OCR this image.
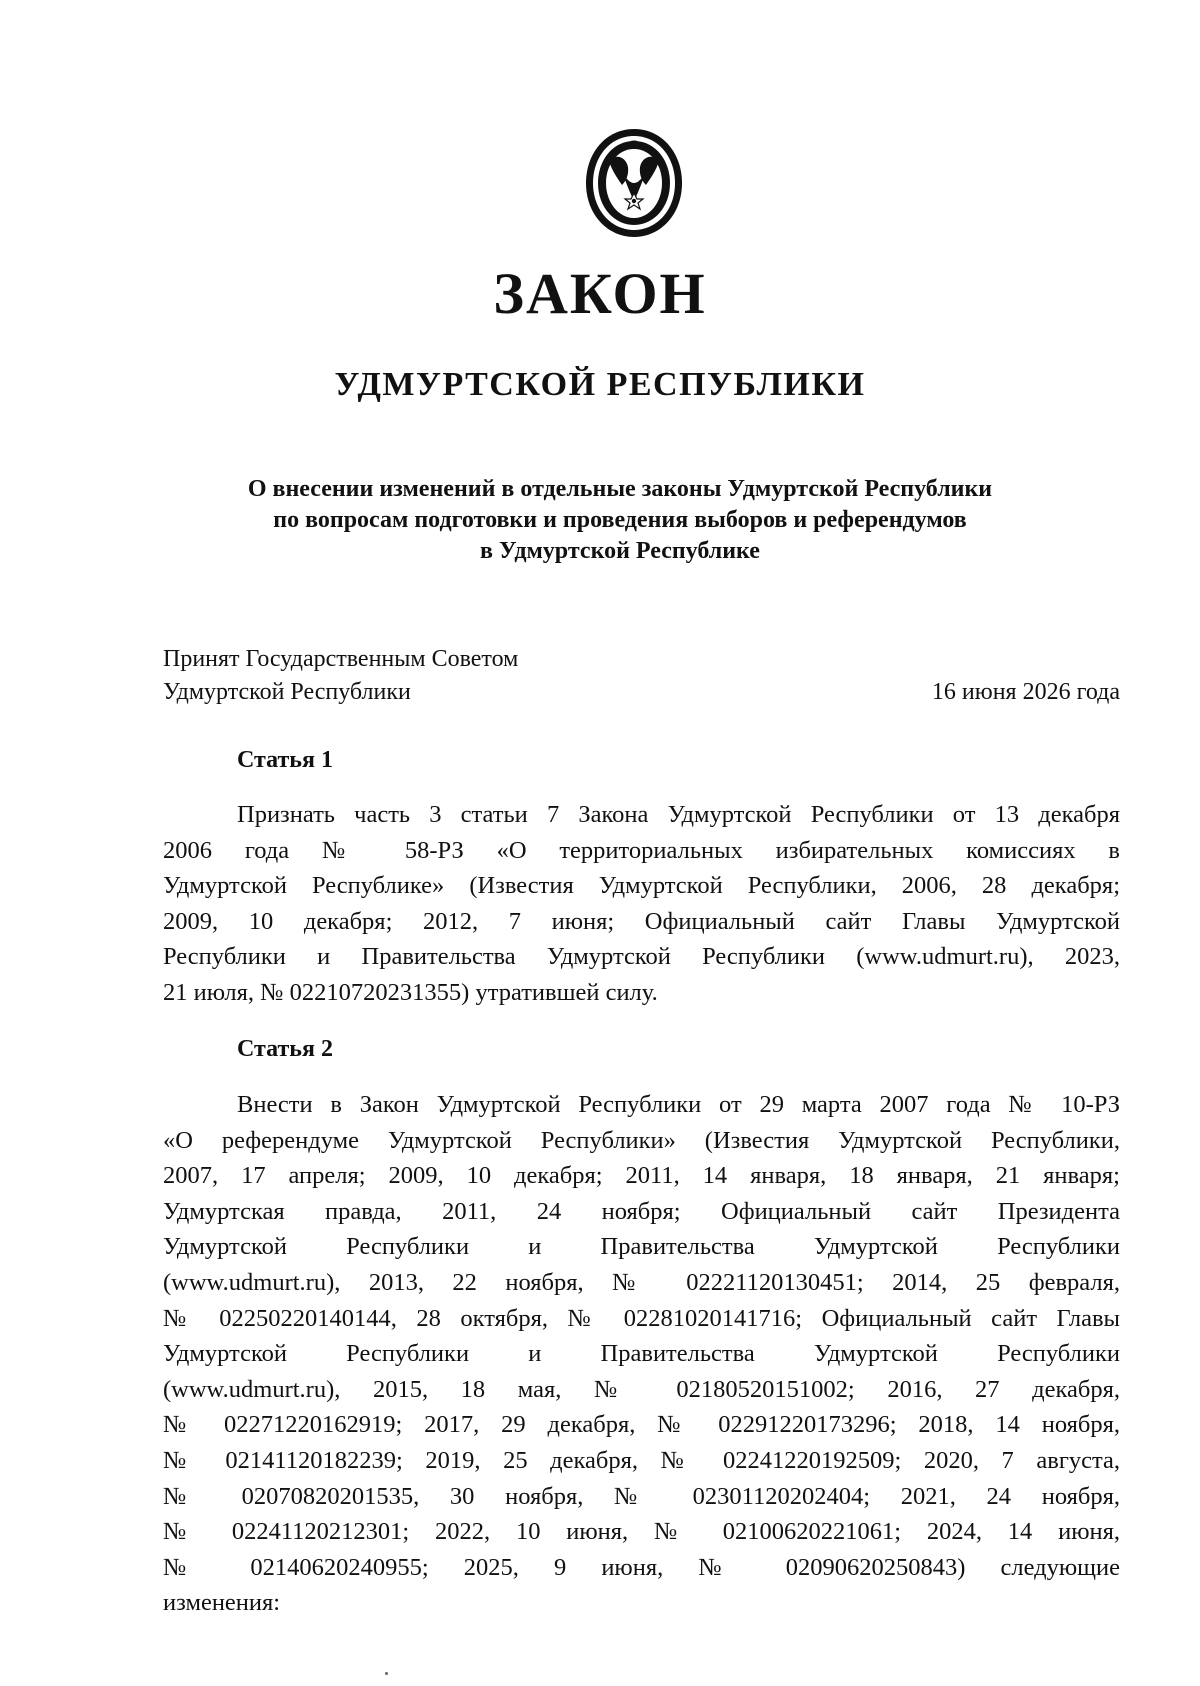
ЗАКОН
УДМУРТСКОЙ РЕСПУБЛИКИ
О внесении изменений в отдельные законы Удмуртской Республики
по вопросам подготовки и проведения выборов и референдумов
в Удмуртской Республике
Принят Государственным Советом
Удмуртской Республики	16 июня 2026 года
Статья 1
Признать часть 3 статьи 7 Закона Удмуртской Республики от 13 декабря
2006 года № 58-РЗ «О территориальных избирательных комиссиях в
Удмуртской Республике» (Известия Удмуртской Республики, 2006, 28 декабря;
2009, 10 декабря; 2012, 7 июня; Официальный сайт Главы Удмуртской
Республики и Правительства Удмуртской Республики (www.udmurt.ru), 2023,
21 июля, № 02210720231355) утратившей силу.
Статья 2
Внести в Закон Удмуртской Республики от 29 марта 2007 года № 10-РЗ
«О референдуме Удмуртской Республики» (Известия Удмуртской Республики,
2007, 17 апреля; 2009, 10 декабря; 2011, 14 января, 18 января, 21 января;
Удмуртская правда, 2011, 24 ноября; Официальный сайт Президента
Удмуртской Республики и Правительства Удмуртской Республики
(www.udmurt.ru), 2013, 22 ноября, № 02221120130451; 2014, 25 февраля,
№ 02250220140144, 28 октября, № 02281020141716; Официальный сайт Главы
Удмуртской Республики и Правительства Удмуртской Республики
(www.udmurt.ru), 2015, 18 мая, № 02180520151002; 2016, 27 декабря,
№ 02271220162919; 2017, 29 декабря, № 02291220173296; 2018, 14 ноября,
№ 02141120182239; 2019, 25 декабря, № 02241220192509; 2020, 7 августа,
№ 02070820201535, 30 ноября, № 02301120202404; 2021, 24 ноября,
№ 02241120212301; 2022, 10 июня, № 02100620221061; 2024, 14 июня,
№ 02140620240955; 2025, 9 июня, № 02090620250843) следующие
изменения:
